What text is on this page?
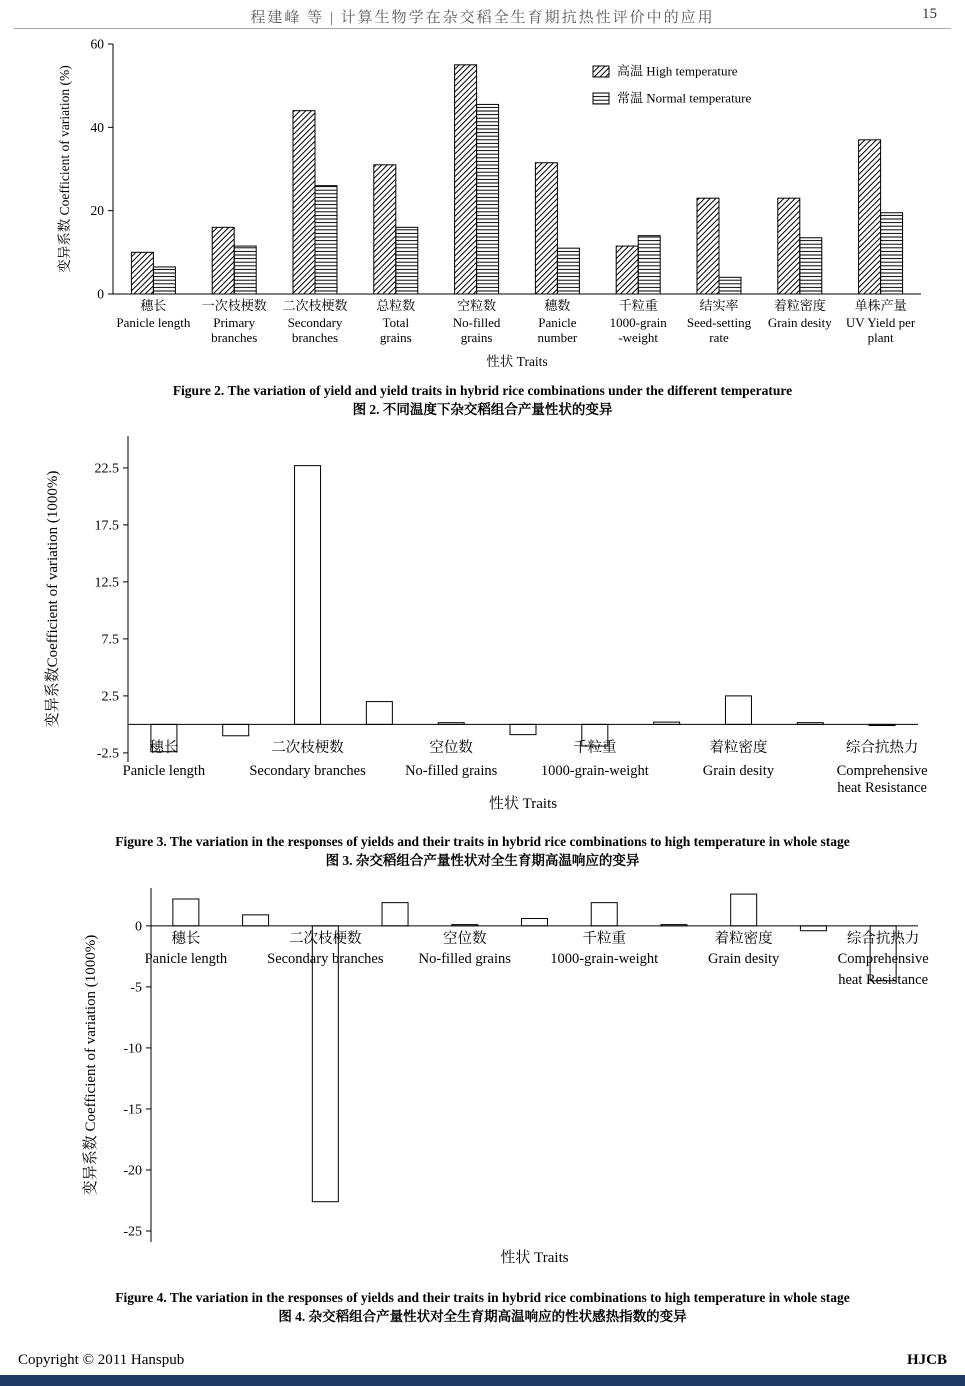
程建峰 等 | 计算生物学在杂交稻全生育期抗热性评价中的应用	15
0
20
40
60
穗长
Panicle length
一次枝梗数
Primary
branches
二次枝梗数
Secondary
branches
总粒数
Total
grains
空粒数
No-filled
grains
穗数
Panicle
number
千粒重
1000-grain
-weight
结实率
Seed-setting
rate
着粒密度
Grain desity
单株产量
UV Yield per
plant
性状 Traits
变异系数 Coefficient of variation (%)	高温 High temperature
常温 Normal temperature
Figure 2. The variation of yield and yield traits in hybrid rice combinations under the different temperature
图 2. 不同温度下杂交稻组合产量性状的变异
22.5
17.5
12.5
7.5
2.5
-2.5 穗长
Panicle length
二次枝梗数
Secondary branches
空位数
No-filled grains
千粒重
1000-grain-weight
着粒密度
Grain desity
综合抗热力
Comprehensive
heat Resistance
性状 Traits
变异系数Coefficient of variation (1000%)
Figure 3. The variation in the responses of yields and their traits in hybrid rice combinations to high temperature in whole stage
图 3. 杂交稻组合产量性状对全生育期高温响应的变异
0
-5
-10
-15
-20
-25
穗长
Panicle length
二次枝梗数
Secondary branches
空位数
No-filled grains
千粒重
1000-grain-weight
着粒密度
Grain desity
综合抗热力
Comprehensive
heat Resistance
性状 Traits
变异系数 Coefficient of variation (1000%)
Figure 4. The variation in the responses of yields and their traits in hybrid rice combinations to high temperature in whole stage
图 4. 杂交稻组合产量性状对全生育期高温响应的性状感热指数的变异
Copyright © 2011 Hanspub	HJCB
